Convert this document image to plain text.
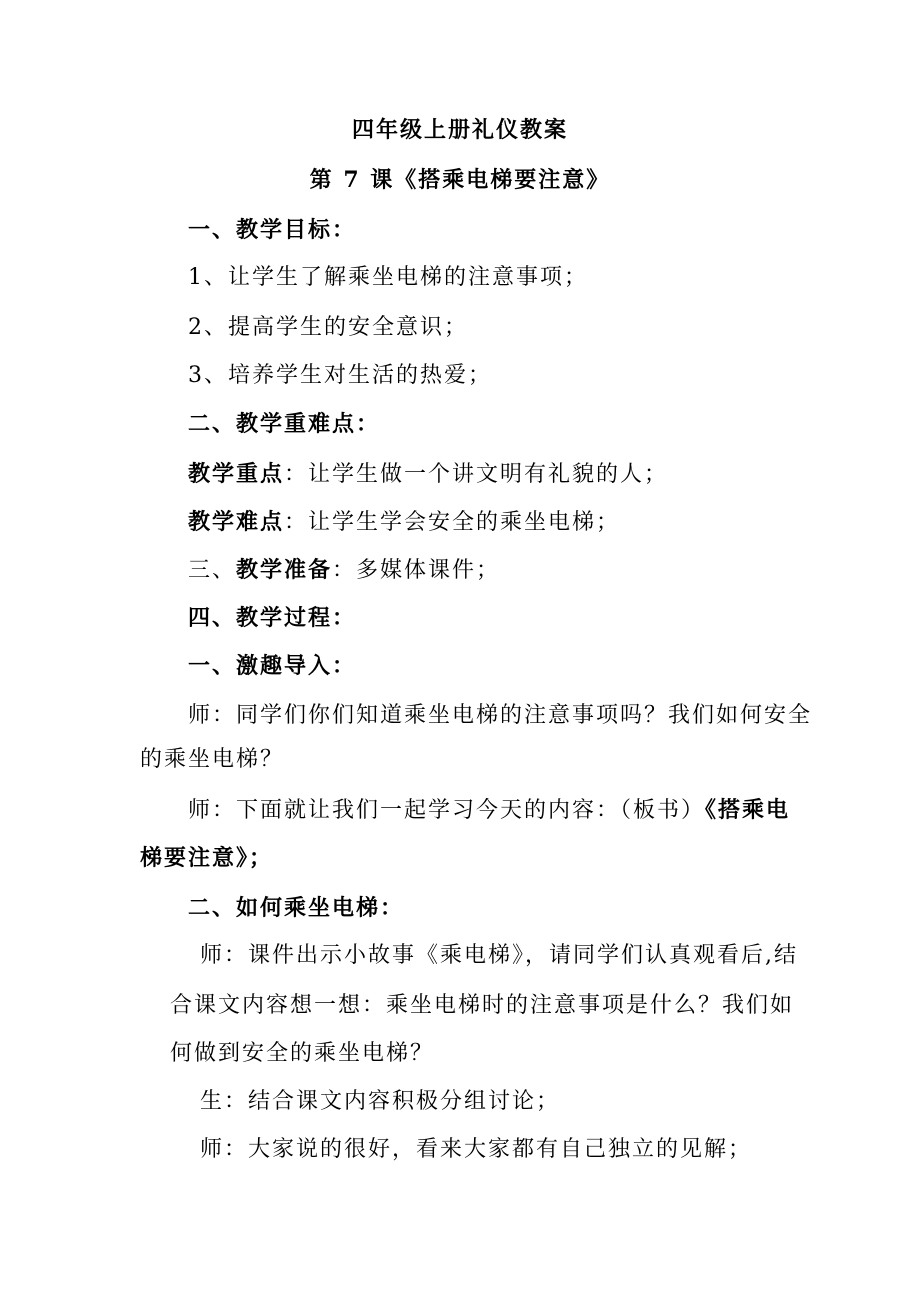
四年级上册礼仪教案
第 7 课《搭乘电梯要注意》
一、教学目标：
1、让学生了解乘坐电梯的注意事项；
2、提高学生的安全意识；
3、培养学生对生活的热爱；
二、教学重难点：
教学重点：让学生做一个讲文明有礼貌的人；
教学难点：让学生学会安全的乘坐电梯；
三、教学准备：多媒体课件；
四、教学过程：
一、激趣导入：
师：同学们你们知道乘坐电梯的注意事项吗？我们如何安全
的乘坐电梯？
师：下面就让我们一起学习今天的内容：（板书）《搭乘电
梯要注意》；
二、如何乘坐电梯：
师：课件出示小故事《乘电梯》，请同学们认真观看后,结
合课文内容想一想：乘坐电梯时的注意事项是什么？我们如
何做到安全的乘坐电梯？
生：结合课文内容积极分组讨论；
师：大家说的很好，看来大家都有自己独立的见解；
